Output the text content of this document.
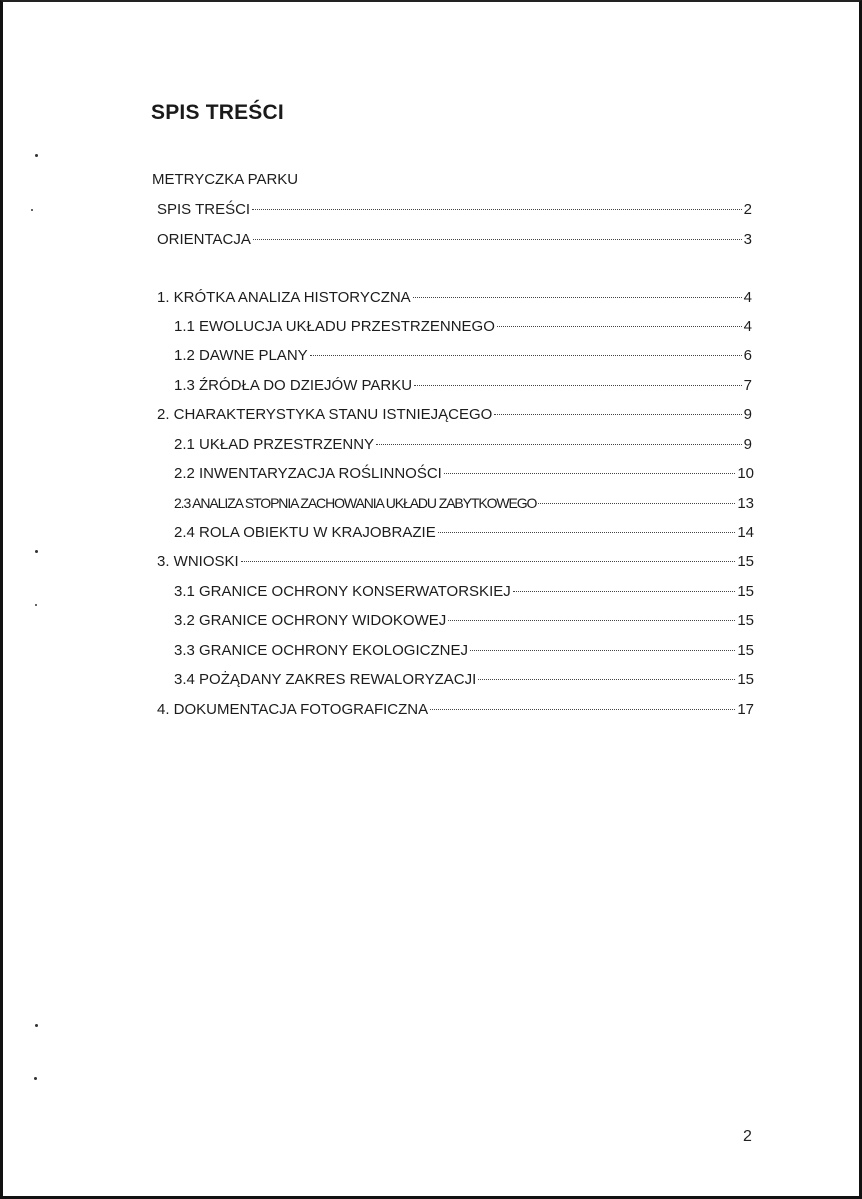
SPIS TREŚCI
METRYCZKA PARKU
SPIS TREŚCI	2
ORIENTACJA	3
1. KRÓTKA ANALIZA HISTORYCZNA	4
1.1 EWOLUCJA UKŁADU PRZESTRZENNEGO	4
1.2 DAWNE PLANY	6
1.3 ŹRÓDŁA DO DZIEJÓW PARKU	7
2. CHARAKTERYSTYKA STANU ISTNIEJĄCEGO	9
2.1 UKŁAD PRZESTRZENNY	9
2.2 INWENTARYZACJA ROŚLINNOŚCI	10
2.3 ANALIZA STOPNIA ZACHOWANIA UKŁADU ZABYTKOWEGO	13
2.4 ROLA OBIEKTU W KRAJOBRAZIE	14
3. WNIOSKI	15
3.1 GRANICE OCHRONY KONSERWATORSKIEJ	15
3.2 GRANICE OCHRONY WIDOKOWEJ	15
3.3 GRANICE OCHRONY EKOLOGICZNEJ	15
3.4 POŻĄDANY ZAKRES REWALORYZACJI	15
4. DOKUMENTACJA FOTOGRAFICZNA	17
2
